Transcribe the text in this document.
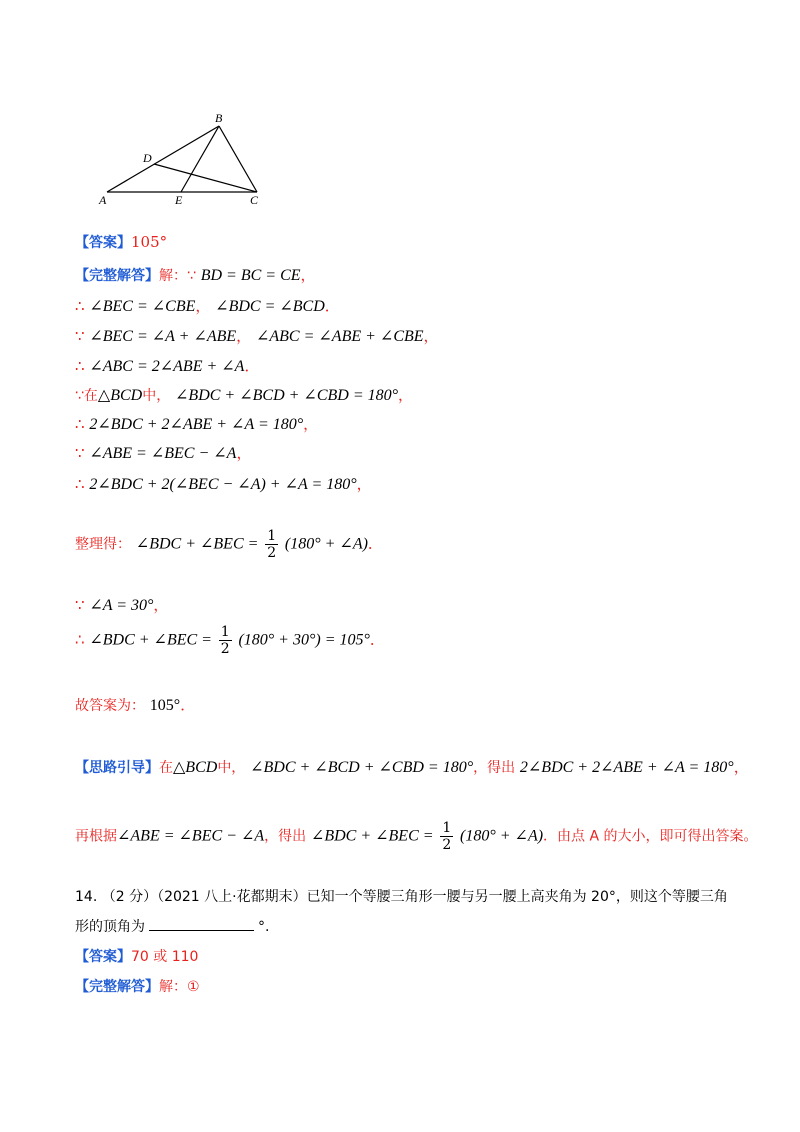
A
B
C
D
E
【答案】105°
【完整解答】解：∵ BD = BC = CE，
∴ ∠BEC = ∠CBE， ∠BDC = ∠BCD．
∵ ∠BEC = ∠A + ∠ABE， ∠ABC = ∠ABE + ∠CBE，
∴ ∠ABC = 2∠ABE + ∠A．
∵在△BCD中， ∠BDC + ∠BCD + ∠CBD = 180°，
∴ 2∠BDC + 2∠ABE + ∠A = 180°，
∵ ∠ABE = ∠BEC − ∠A，
∴ 2∠BDC + 2(∠BEC − ∠A) + ∠A = 180°，
整理得： ∠BDC + ∠BEC = $\frac{1}{2} (180^\circ$ + ∠A)．
∵ ∠A = 30°，
∴ ∠BDC + ∠BEC = $\frac{1}{2} (180^\circ + 30^\circ) = 105^\circ$．
故答案为： 105°．
【思路引导】在△BCD中， ∠BDC + ∠BCD + ∠CBD = 180°，得出 2∠BDC + 2∠ABE + ∠A = 180°，
再根据∠ABE = ∠BEC − ∠A，得出 ∠BDC + ∠BEC = $\frac{1}{2} (180^\circ$ + ∠A)．由点 A 的大小，即可得出答案。
14. （2 分）（2021 八上·花都期末）已知一个等腰三角形一腰与另一腰上高夹角为 20°，则这个等腰三角
形的顶角为	°.
【答案】70 或 110
【完整解答】解：①
